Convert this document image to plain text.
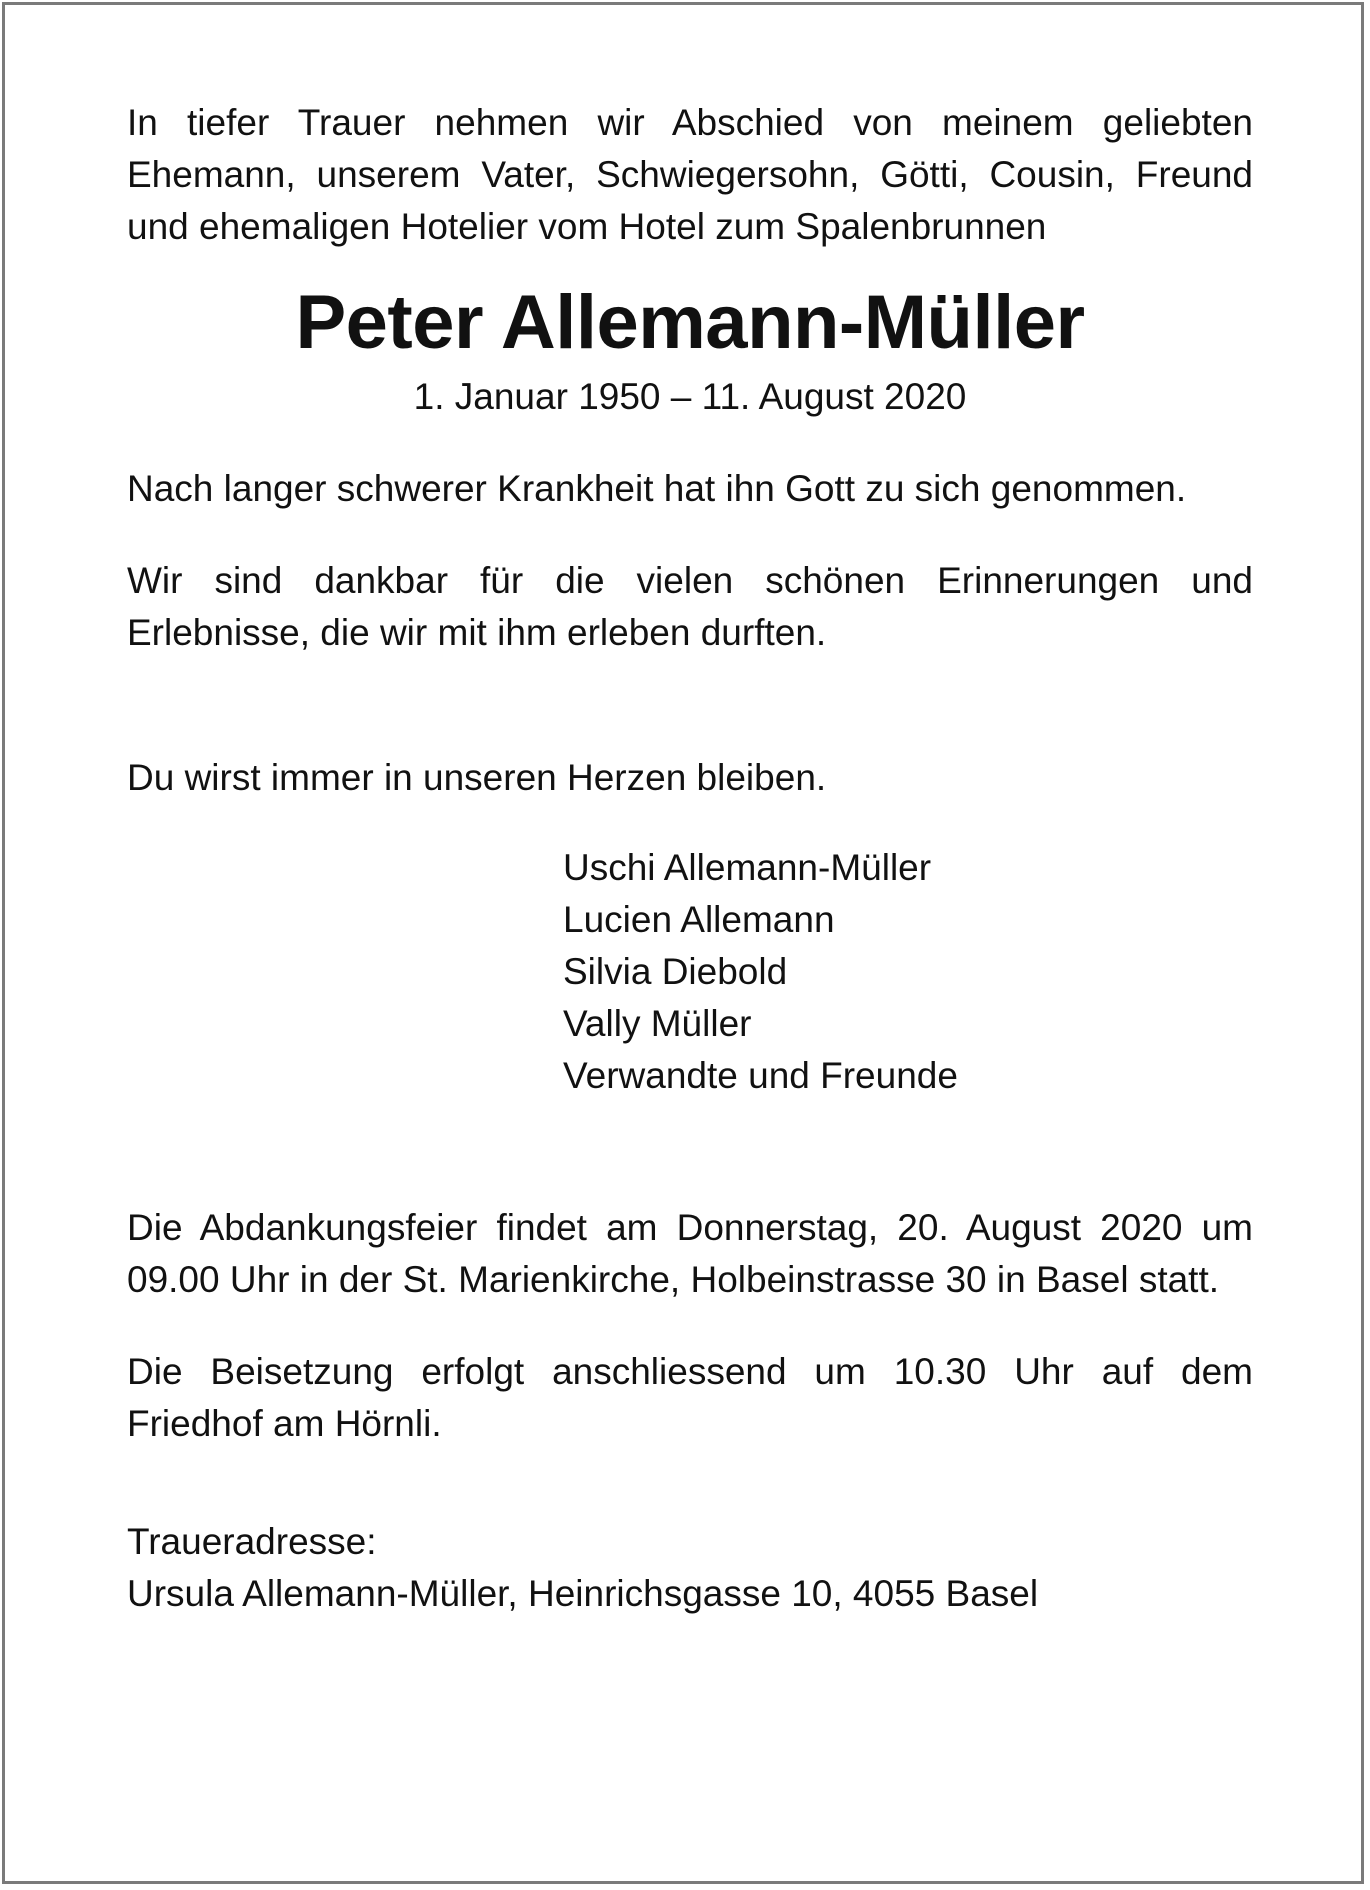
In tiefer Trauer nehmen wir Abschied von meinem geliebten Ehemann, unserem Vater, Schwiegersohn, Götti, Cousin, Freund und ehemaligen Hotelier vom Hotel zum Spalenbrunnen

Peter Allemann-Müller

1. Januar 1950 – 11. August 2020

Nach langer schwerer Krankheit hat ihn Gott zu sich genommen.

Wir sind dankbar für die vielen schönen Erinnerungen und Erlebnisse, die wir mit ihm erleben durften.

Du wirst immer in unseren Herzen bleiben.

Uschi Allemann-Müller
Lucien Allemann
Silvia Diebold
Vally Müller
Verwandte und Freunde

Die Abdankungsfeier findet am Donnerstag, 20. August 2020 um 09.00 Uhr in der St. Marienkirche, Holbeinstrasse 30 in Basel statt.

Die Beisetzung erfolgt anschliessend um 10.30 Uhr auf dem Friedhof am Hörnli.

Traueradresse:

Ursula Allemann-Müller, Heinrichsgasse 10, 4055 Basel
